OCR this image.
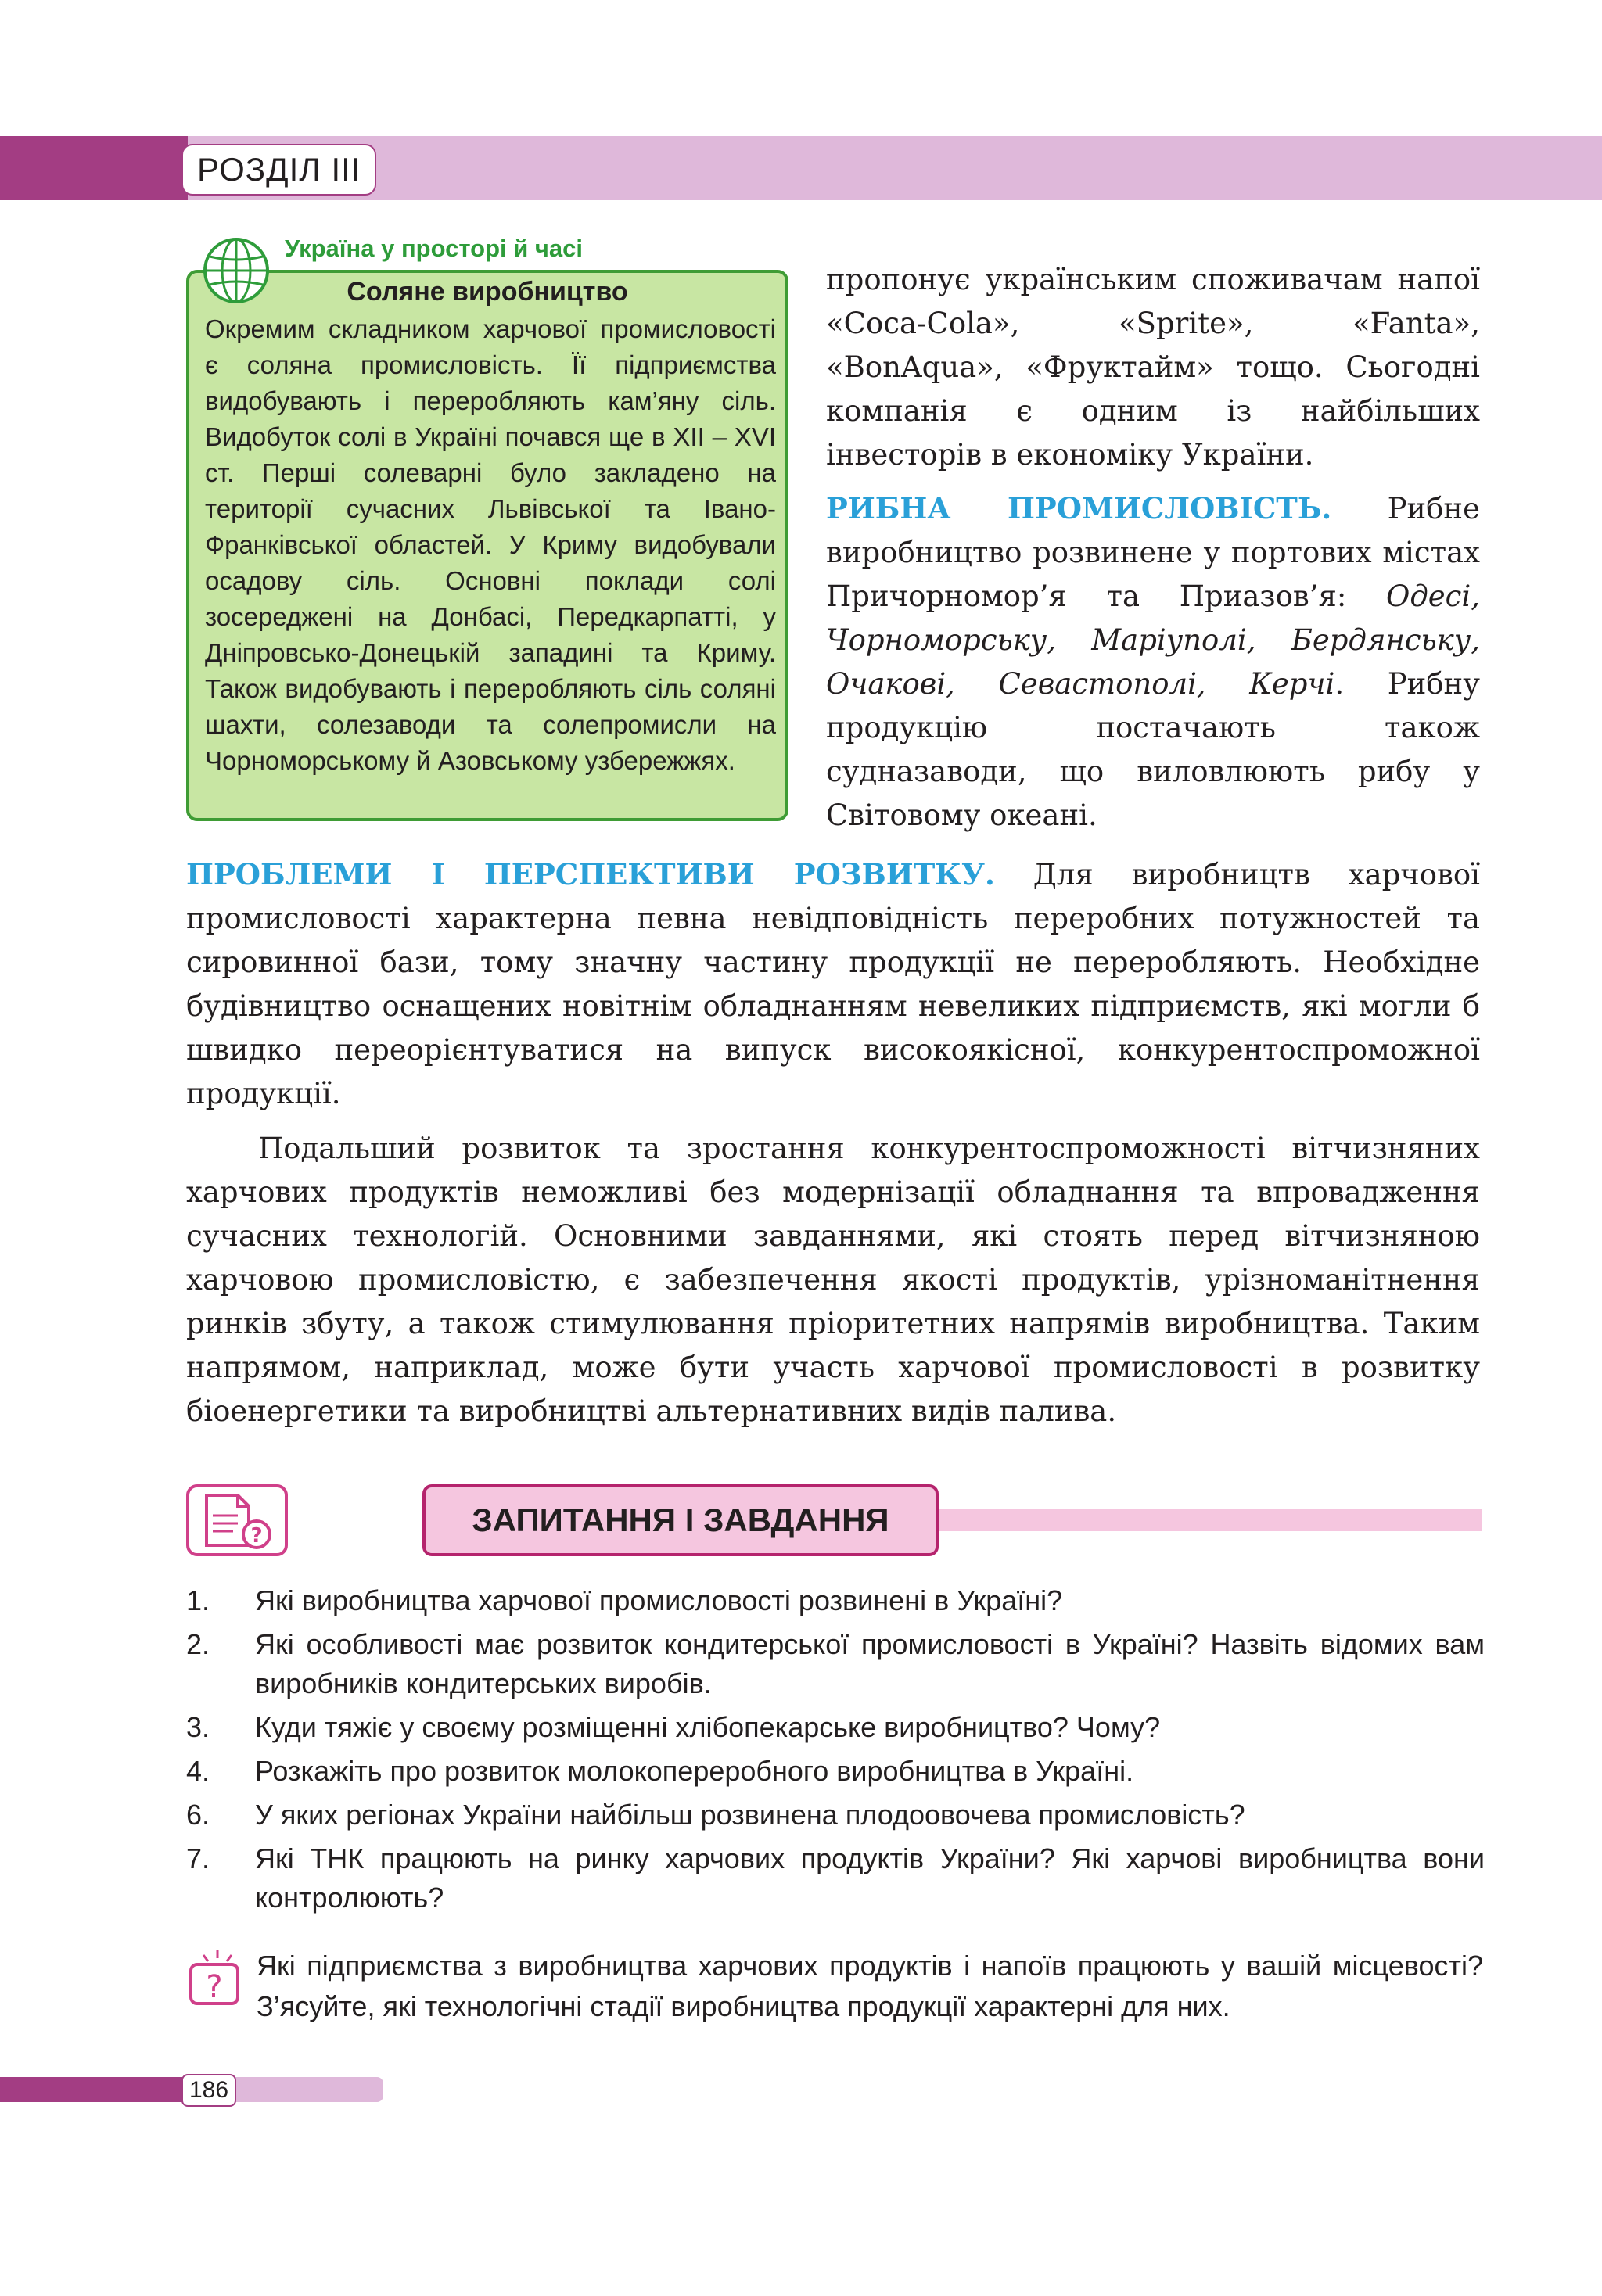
РОЗДІЛ ІІІ
Україна у просторі й часі
Соляне виробництво
Окремим складником харчової промисловості є соляна промисловість. Її підприємства видобувають і переробляють кам’яну сіль. Видобуток солі в Україні почався ще в XII – XVI ст. Перші солеварні було закладено на території сучасних Львівської та Івано-Франківської областей. У Криму видобували осадову сіль. Основні поклади солі зосереджені на Донбасі, Передкарпатті, у Дніпровсько-Донецькій западині та Криму. Також видобувають і переробляють сіль соляні шахти, солезаводи та солепромисли на Чорноморському й Азовському узбережжях.

пропонує українським споживачам напої «Coca-Cola», «Sprite», «Fanta», «BonAqua», «Фруктайм» тощо. Сьогодні компанія є одним із найбільших інвесторів в економіку України.

РИБНА ПРОМИСЛОВІСТЬ. Рибне виробництво розвинене у портових містах Причорномор’я та Приазов’я: Одесі, Чорноморську, Маріуполі, Бердянську, Очакові, Севастополі, Керчі. Рибну продукцію постачають також судназаводи, що виловлюють рибу у Світовому океані.

ПРОБЛЕМИ І ПЕРСПЕКТИВИ РОЗВИТКУ. Для виробництв харчової промисловості характерна певна невідповідність переробних потужностей та сировинної бази, тому значну частину продукції не переробляють. Необхідне будівництво оснащених новітнім обладнанням невеликих підприємств, які могли б швидко переорієнтуватися на випуск високоякісної, конкурентоспроможної продукції.

Подальший розвиток та зростання конкурентоспроможності вітчизняних харчових продуктів неможливі без модернізації обладнання та впровадження сучасних технологій. Основними завданнями, які стоять перед вітчизняною харчовою промисловістю, є забезпечення якості продуктів, урізноманітнення ринків збуту, а також стимулювання пріоритетних напрямів виробництва. Таким напрямом, наприклад, може бути участь харчової промисловості в розвитку біоенергетики та виробництві альтернативних видів палива.

?	ЗАПИТАННЯ І ЗАВДАННЯ
1.	Які виробництва харчової промисловості розвинені в Україні?
2.	Які особливості має розвиток кондитерської промисловості в Україні? Назвіть відомих вам виробників кондитерських виробів.
3.	Куди тяжіє у своєму розміщенні хлібопекарське виробництво? Чому?
4.	Розкажіть про розвиток молокопереробного виробництва в Україні.
6.	У яких регіонах України найбільш розвинена плодоовочева промисловість?
7.	Які ТНК працюють на ринку харчових продуктів України? Які харчові виробництва вони контролюють?
?
Які підприємства з виробництва харчових продуктів і напоїв працюють у вашій місцевості? З’ясуйте, які технологічні стадії виробництва продукції характерні для них.
186
